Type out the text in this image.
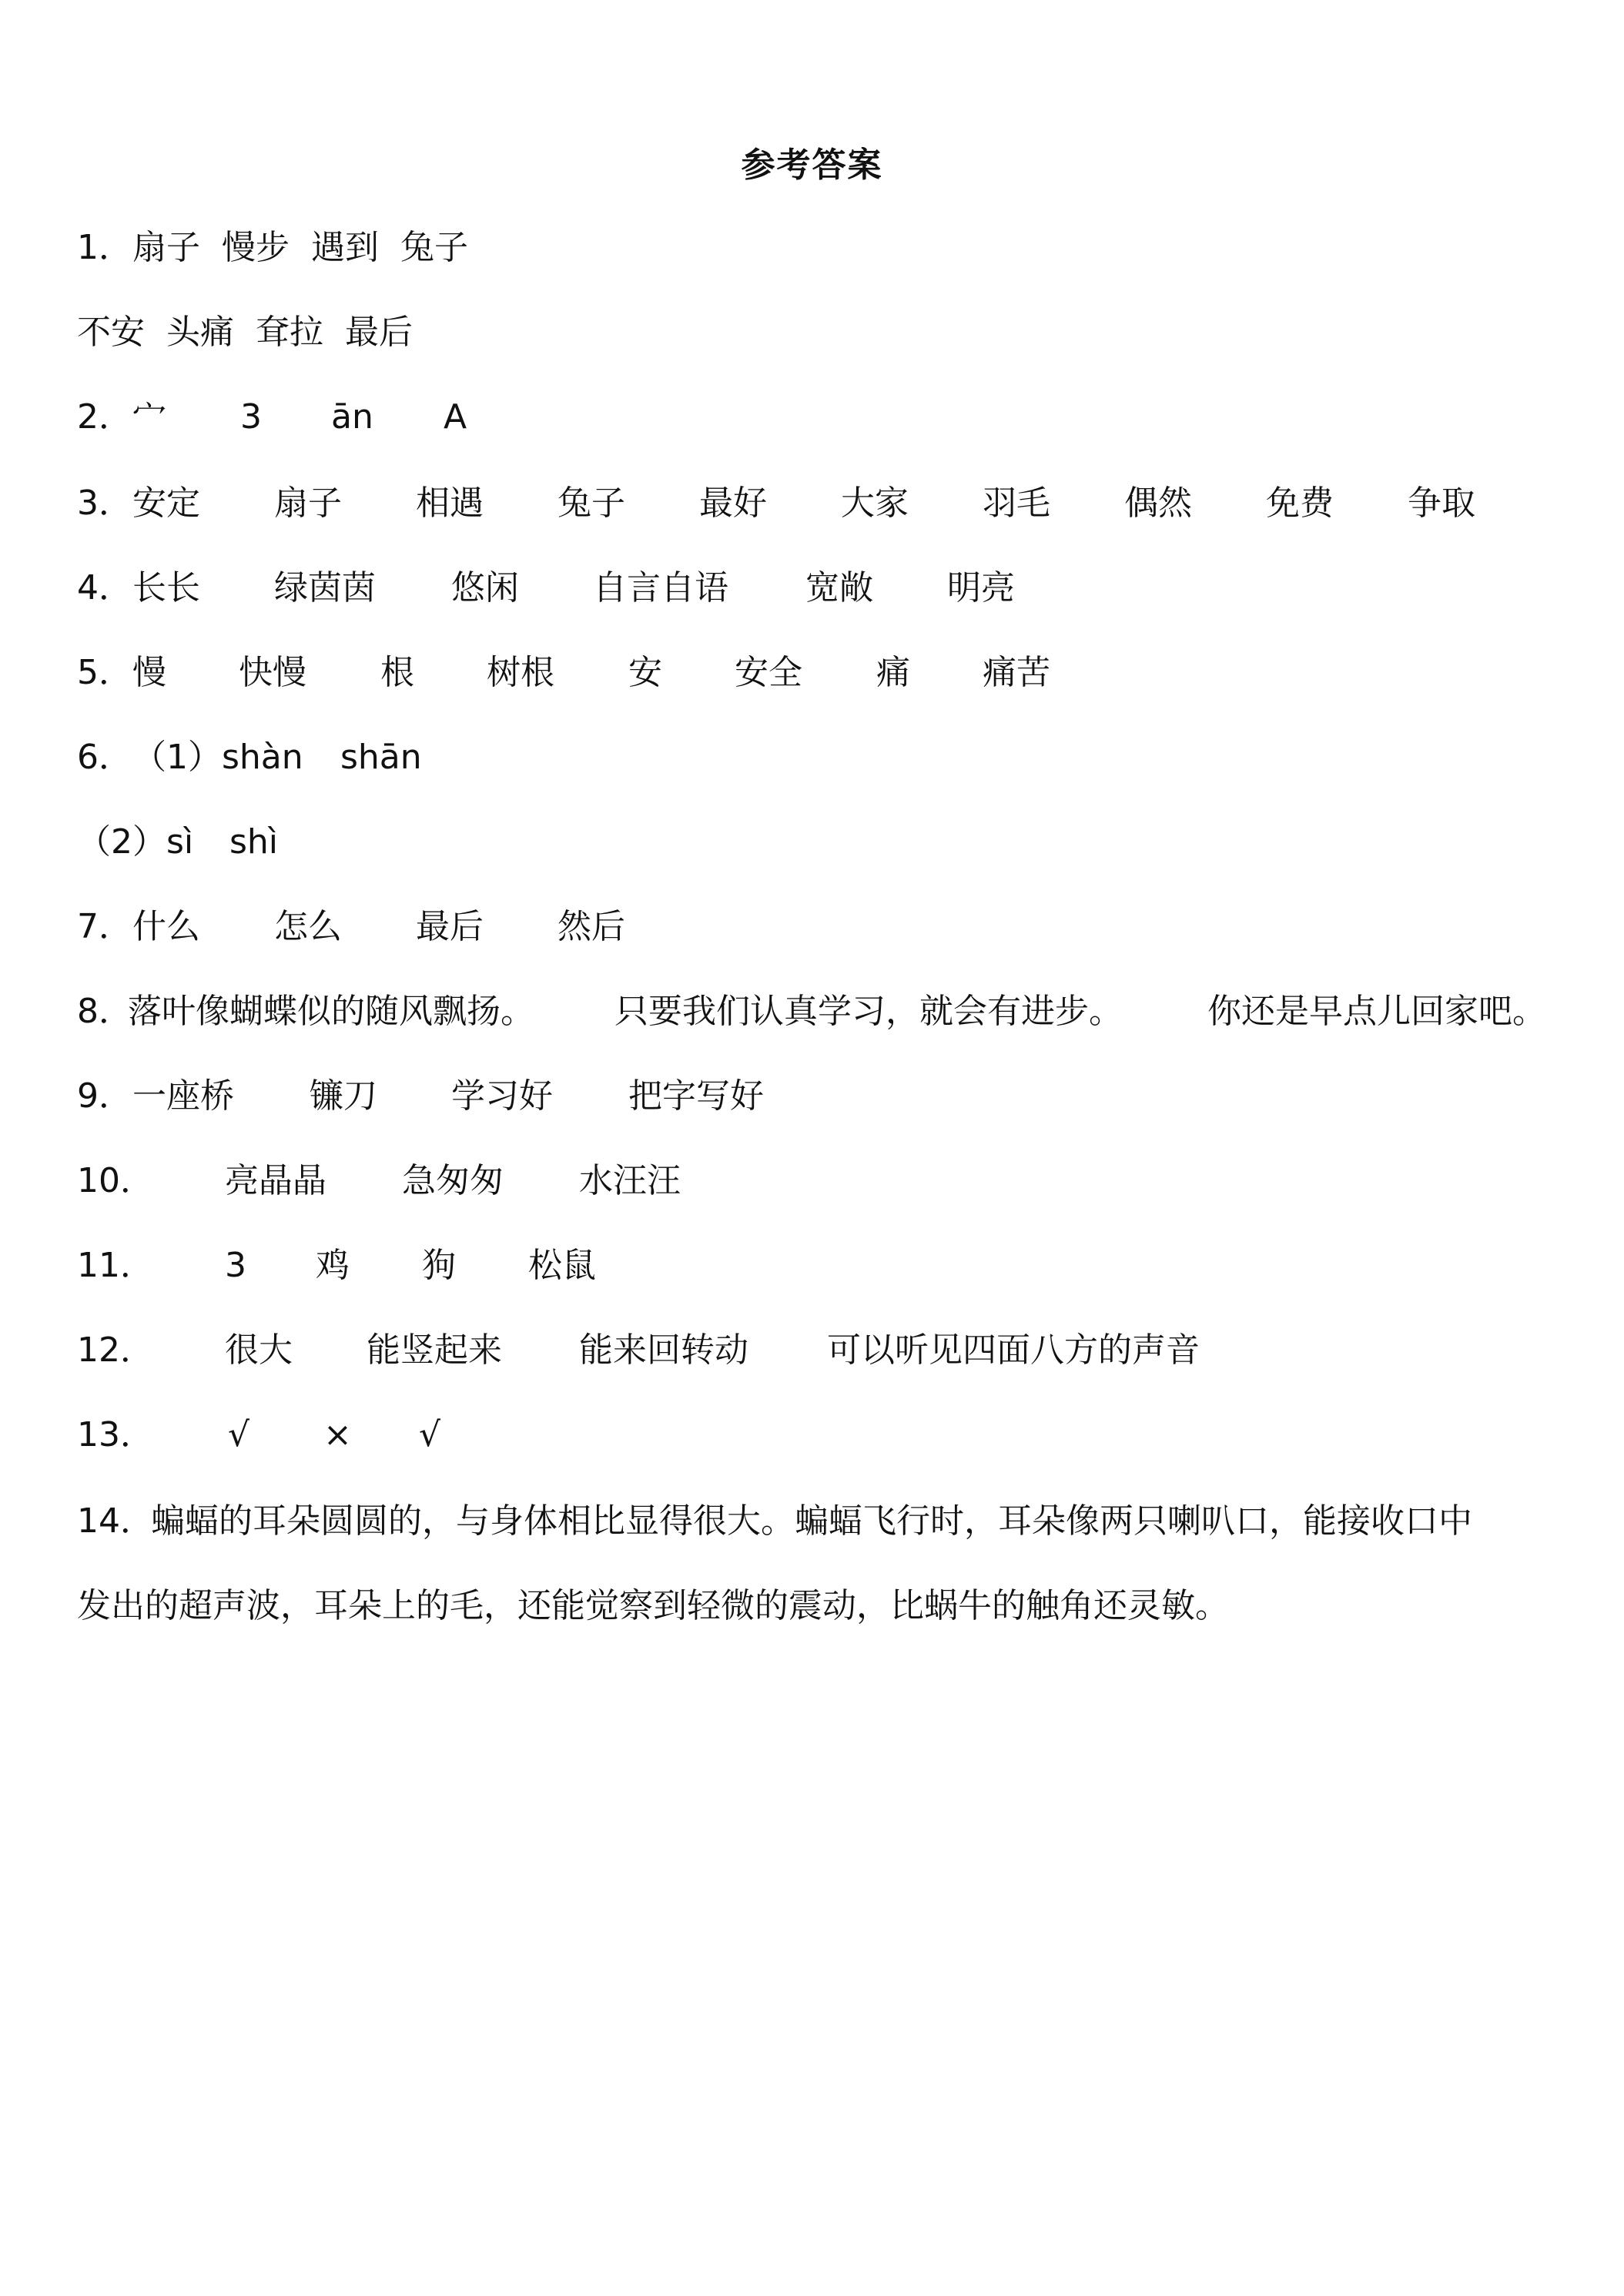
参考答案

1．

扇子

慢步

遇到

兔子

不安

头痛

耷拉

最后

2．

宀

3

ān

A

3．

安定

扇子

相遇

兔子

最好

大家

羽毛

偶然

免费

争取

4．

长长

绿茵茵

悠闲

自言自语

宽敞

明亮

5．

慢

快慢

根

树根

安

安全

痛

痛苦

6．

（1）shàn

shān

（2）sì

shì

7．

什么

怎么

最后

然后

8．

落叶像蝴蝶似的随风飘扬。

只要我们认真学习，就会有进步。

	你还是早点儿回家吧。

9．

一座桥

镰刀

学习好

把字写好

10．

亮晶晶

急匆匆

水汪汪

11．

3

鸡

狗

松鼠

12．

很大

能竖起来

能来回转动

可以听见四面八方的声音

13．

√

×

√

14．

蝙蝠的耳朵圆圆的，与身体相比显得很大。蝙蝠飞行时，耳朵像两只喇叭口，能接收口中

发出的超声波，耳朵上的毛，还能觉察到轻微的震动，比蜗牛的触角还灵敏。
